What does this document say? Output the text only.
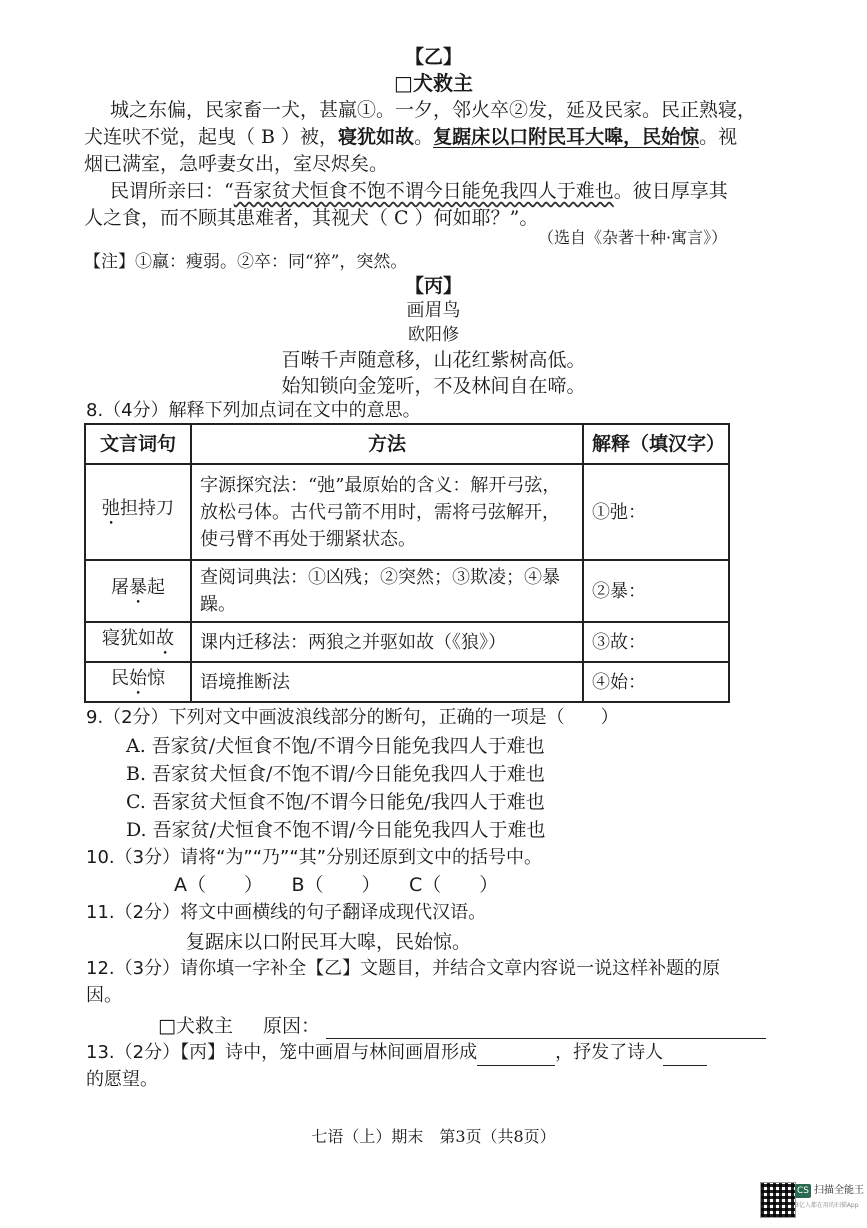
【乙】
□犬救主
城之东偏，民家畜一犬，甚羸①。一夕，邻火卒②发，延及民家。民正熟寝，
犬连吠不觉，起曳（ B ）被，寝犹如故。复踞床以口附民耳大嗥，民始惊。视
烟已满室，急呼妻女出，室尽烬矣。
民谓所亲曰：“吾家贫犬恒食不饱不谓今日能免我四人于难也。彼日厚享其
人之食，而不顾其患难者，其视犬（ C ）何如耶？”。
（选自《杂著十种·寓言》）
【注】①羸：瘦弱。②卒：同“猝”，突然。
【丙】
画眉鸟
欧阳修
百啭千声随意移，山花红紫树高低。
始知锁向金笼听，不及林间自在啼。
8.（4分）解释下列加点词在文中的意思。
文言词句	方法	解释（填汉字）
弛担持刀	字源探究法：“弛”最原始的含义：解开弓弦，放松弓体。古代弓箭不用时，需将弓弦解开，使弓臂不再处于绷紧状态。	①弛：
屠暴起	查阅词典法：①凶残；②突然；③欺凌；④暴躁。	②暴：
寝犹如故	课内迁移法：两狼之并驱如故（《狼》）	③故：
民始惊	语境推断法	④始：
9.（2分）下列对文中画波浪线部分的断句，正确的一项是（　　）
A. 吾家贫/犬恒食不饱/不谓今日能免我四人于难也
B. 吾家贫犬恒食/不饱不谓/今日能免我四人于难也
C. 吾家贫犬恒食不饱/不谓今日能免/我四人于难也
D. 吾家贫/犬恒食不饱不谓/今日能免我四人于难也
10.（3分）请将“为”“乃”“其”分别还原到文中的括号中。
A（　　）　　B（　　）　　C（　　）
11.（2分）将文中画横线的句子翻译成现代汉语。
复踞床以口附民耳大嗥，民始惊。
12.（3分）请你填一字补全【乙】文题目，并结合文章内容说一说这样补题的原
因。
□犬救主 原因：
13.（2分）【丙】诗中，笼中画眉与林间画眉形成	，抒发了诗人
的愿望。
七语（上）期末　第3页（共8页）
CS 扫描全能王
3亿人都在用的扫描App
